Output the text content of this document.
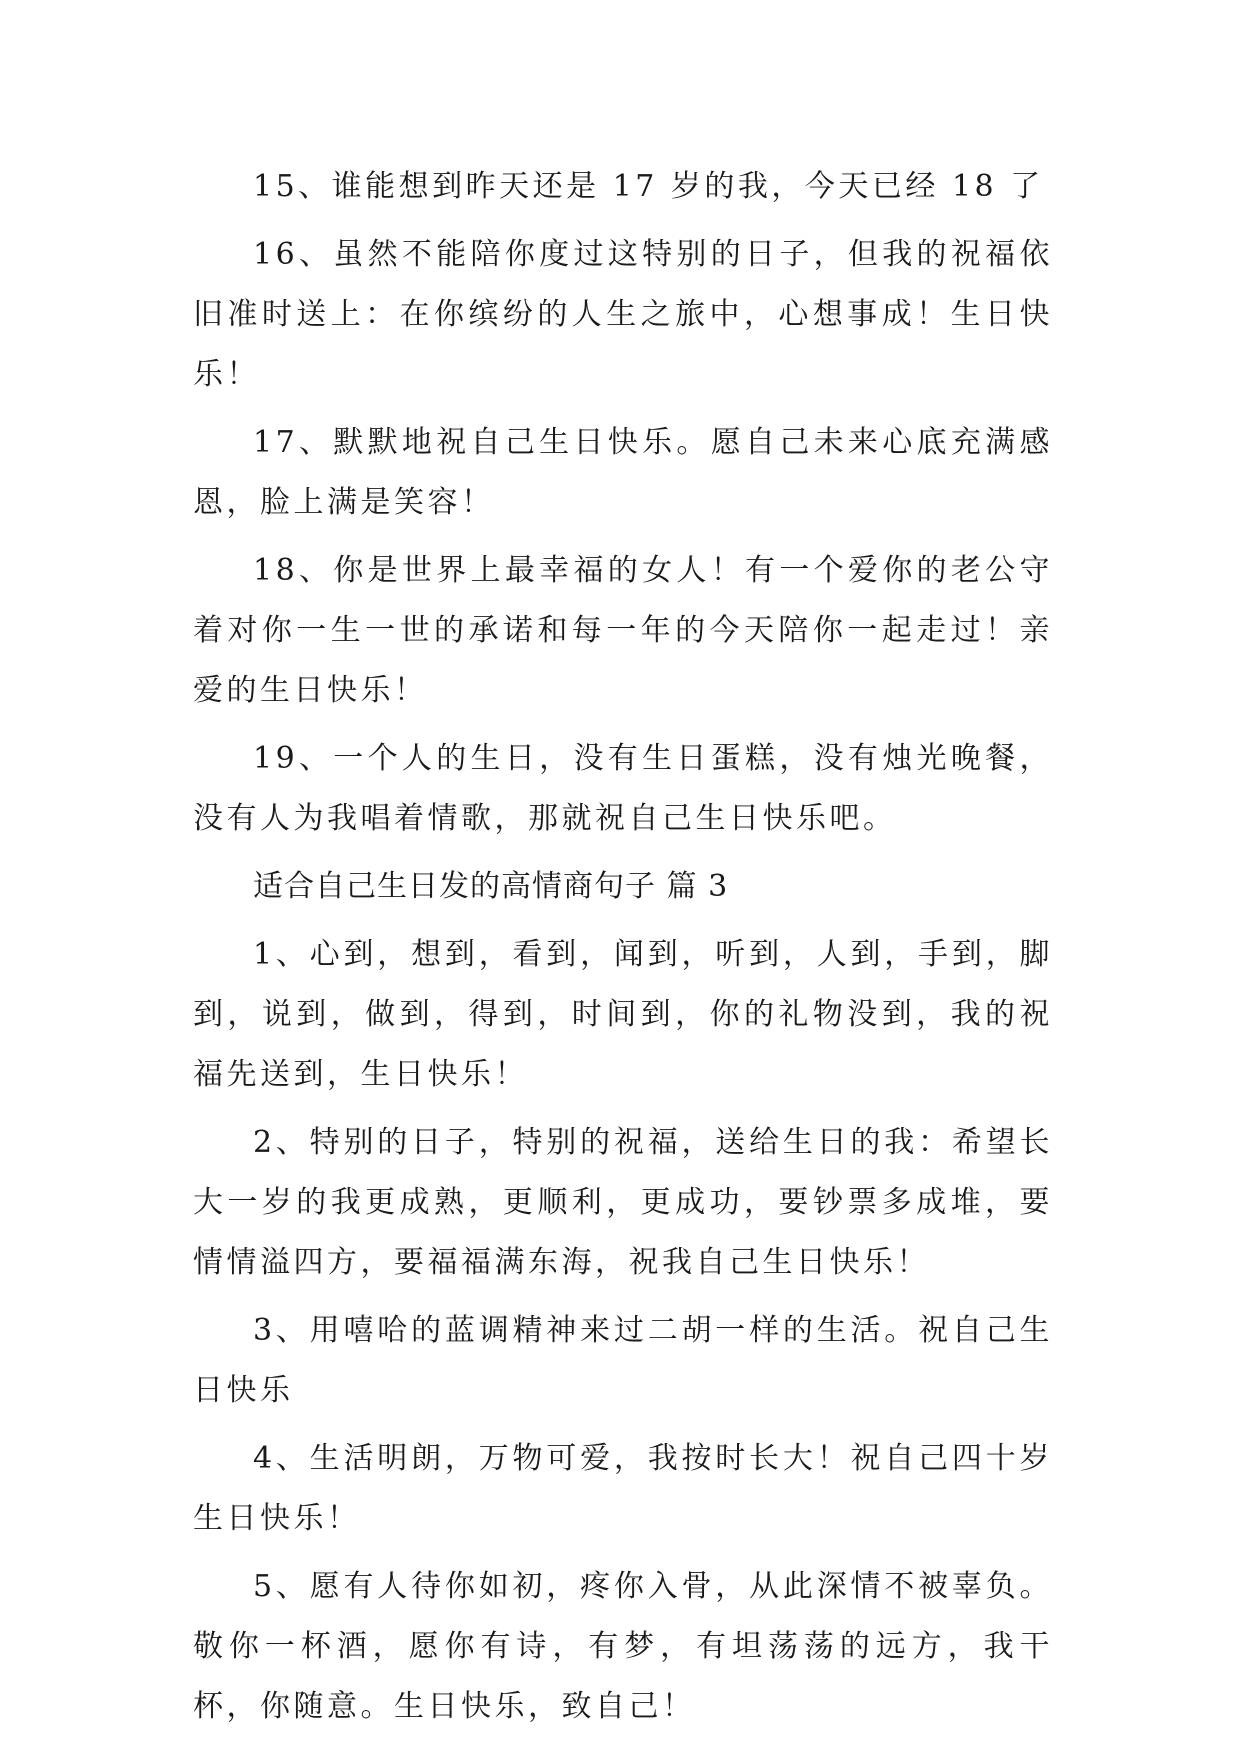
15、谁能想到昨天还是 17 岁的我，今天已经 18 了

16、虽然不能陪你度过这特别的日子，但我的祝福依旧准时送上：在你缤纷的人生之旅中，心想事成！生日快乐！

17、默默地祝自己生日快乐。愿自己未来心底充满感恩，脸上满是笑容！

18、你是世界上最幸福的女人！有一个爱你的老公守着对你一生一世的承诺和每一年的今天陪你一起走过！亲爱的生日快乐！

19、一个人的生日，没有生日蛋糕，没有烛光晚餐，没有人为我唱着情歌，那就祝自己生日快乐吧。

适合自己生日发的高情商句子 篇 3

1、心到，想到，看到，闻到，听到，人到，手到，脚到，说到，做到，得到，时间到，你的礼物没到，我的祝福先送到，生日快乐！

2、特别的日子，特别的祝福，送给生日的我：希望长大一岁的我更成熟，更顺利，更成功，要钞票多成堆，要情情溢四方，要福福满东海，祝我自己生日快乐！

3、用嘻哈的蓝调精神来过二胡一样的生活。祝自己生日快乐

4、生活明朗，万物可爱，我按时长大！祝自己四十岁生日快乐！

5、愿有人待你如初，疼你入骨，从此深情不被辜负。敬你一杯酒，愿你有诗，有梦，有坦荡荡的远方，我干杯，你随意。生日快乐，致自己！
